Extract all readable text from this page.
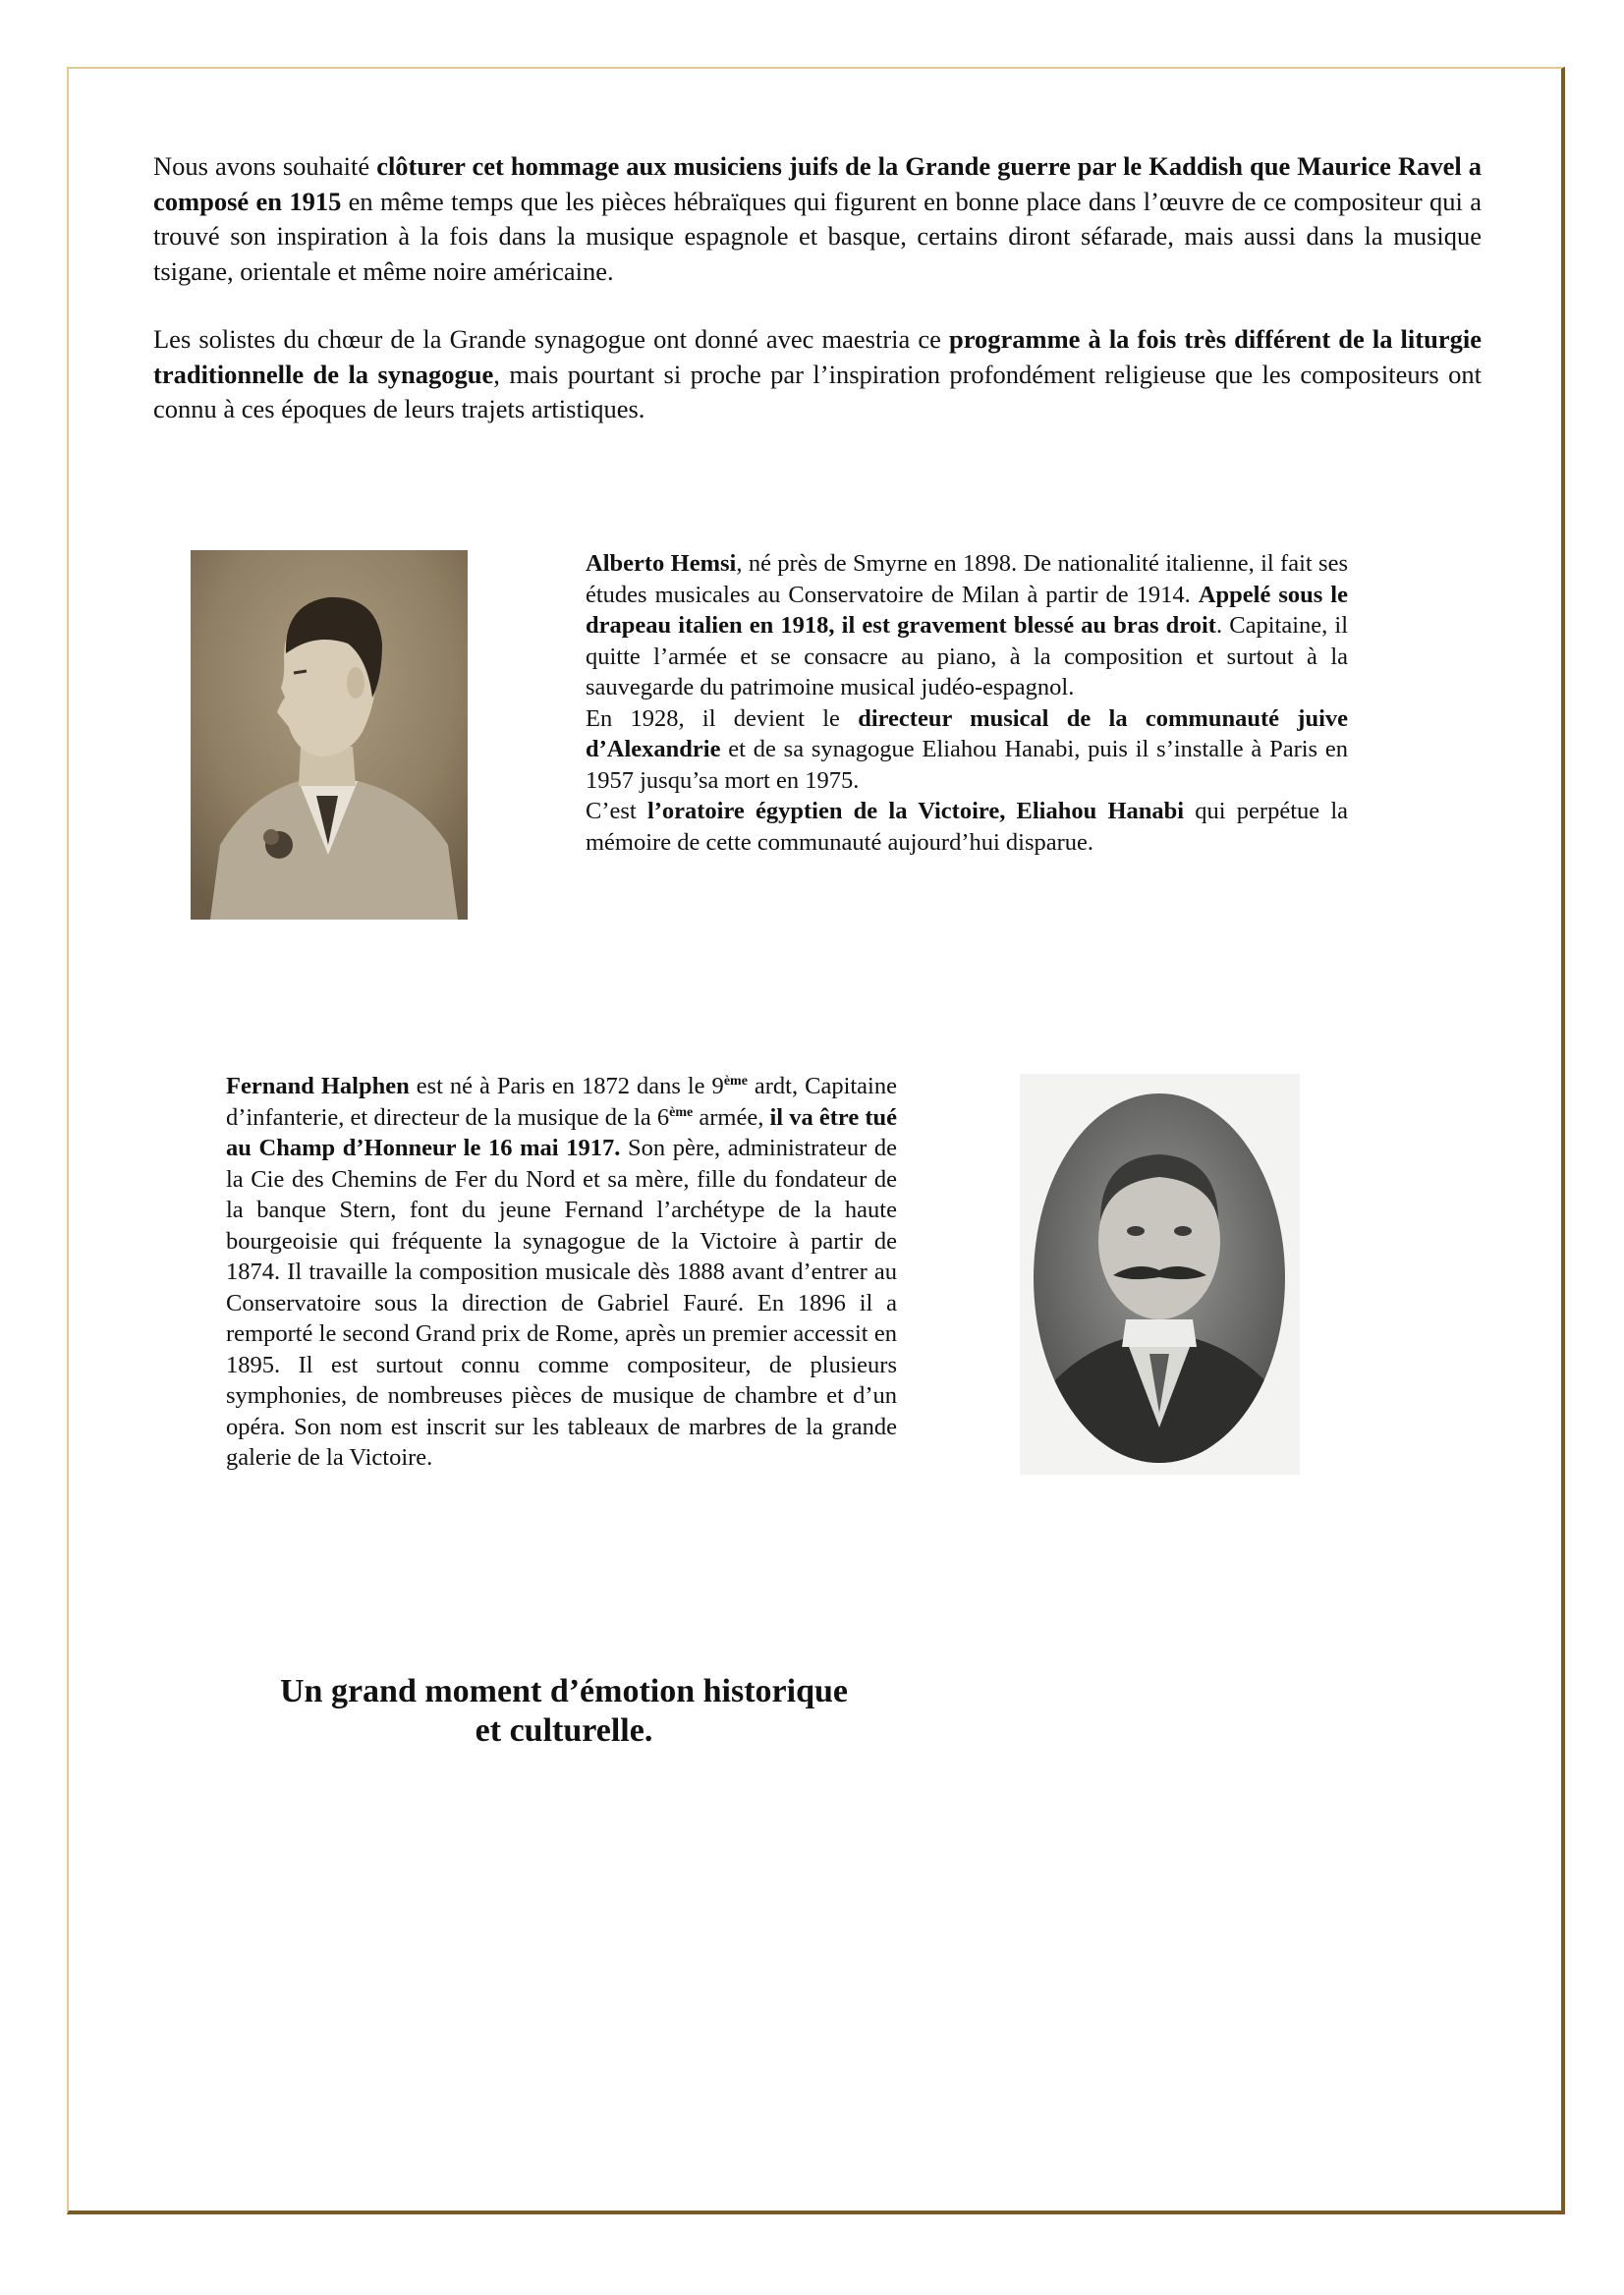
Nous avons souhaité clôturer cet hommage aux musiciens juifs de la Grande guerre par le Kaddish que Maurice Ravel a composé en 1915 en même temps que les pièces hébraïques qui figurent en bonne place dans l’œuvre de ce compositeur qui a trouvé son inspiration à la fois dans la musique espagnole et basque, certains diront séfarade, mais aussi dans la musique tsigane, orientale et même noire américaine.

Les solistes du chœur de la Grande synagogue ont donné avec maestria ce programme à la fois très différent de la liturgie traditionnelle de la synagogue, mais pourtant si proche par l’inspiration profondément religieuse que les compositeurs ont connu à ces époques de leurs trajets artistiques.

Alberto Hemsi, né près de Smyrne en 1898. De nationalité italienne, il fait ses études musicales au Conservatoire de Milan à partir de 1914. Appelé sous le drapeau italien en 1918, il est gravement blessé au bras droit. Capitaine, il quitte l’armée et se consacre au piano, à la composition et surtout à la sauvegarde du patrimoine musical judéo-espagnol.
En 1928, il devient le directeur musical de la communauté juive d’Alexandrie et de sa synagogue Eliahou Hanabi, puis il s’installe à Paris en 1957 jusqu’sa mort en 1975.
C’est l’oratoire égyptien de la Victoire, Eliahou Hanabi qui perpétue la mémoire de cette communauté aujourd’hui disparue.

Fernand Halphen est né à Paris en 1872 dans le 9ème ardt, Capitaine d’infanterie, et directeur de la musique de la 6ème armée, il va être tué au Champ d’Honneur le 16 mai 1917. Son père, administrateur de la Cie des Chemins de Fer du Nord et sa mère, fille du fondateur de la banque Stern, font du jeune Fernand l’archétype de la haute bourgeoisie qui fréquente la synagogue de la Victoire à partir de 1874. Il travaille la composition musicale dès 1888 avant d’entrer au Conservatoire sous la direction de Gabriel Fauré. En 1896 il a remporté le second Grand prix de Rome, après un premier accessit en 1895. Il est surtout connu comme compositeur, de plusieurs symphonies, de nombreuses pièces de musique de chambre et d’un opéra. Son nom est inscrit sur les tableaux de marbres de la grande galerie de la Victoire.

Un grand moment d’émotion historique
et culturelle.
